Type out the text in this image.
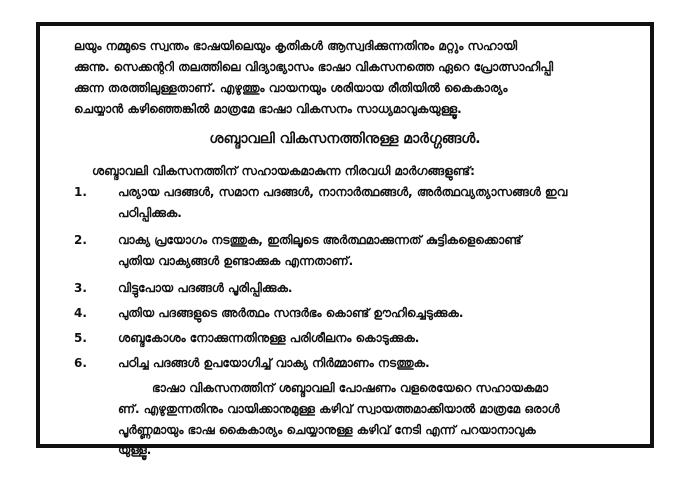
ലയും നമ്മുടെ സ്വന്തം ഭാഷയിലെയും കൃതികൾ ആസ്വദിക്കുന്നതിനും മറ്റും സഹായി
ക്കുന്നു. സെക്കന്ററി തലത്തിലെ വിദ്യാഭ്യാസം ഭാഷാ വികസനത്തെ ഏറെ പ്രോത്സാഹിപ്പി
ക്കുന്ന തരത്തിലുള്ളതാണ്. എഴുത്തും വായനയും ശരിയായ രീതിയിൽ കൈകാര്യം
ചെയ്യാൻ കഴിഞ്ഞെങ്കിൽ മാത്രമേ ഭാഷാ വികസനം സാധ്യമാവുകയുള്ളൂ.
ശബ്ദാവലി വികസനത്തിനുള്ള മാർഗ്ഗങ്ങൾ.
ശബ്ദാവലി വികസനത്തിന് സഹായകമാകുന്ന നിരവധി മാർഗങ്ങളുണ്ട്:
1.	പര്യായ പദങ്ങൾ, സമാന പദങ്ങൾ, നാനാർത്ഥങ്ങൾ, അർത്ഥവ്യത്യാസങ്ങൾ ഇവ
പഠിപ്പിക്കുക.
2.	വാക്യ പ്രയോഗം നടത്തുക, ഇതിലൂടെ അർത്ഥമാക്കുന്നത് കുട്ടികളെക്കൊണ്ട്
പുതിയ വാക്യങ്ങൾ ഉണ്ടാക്കുക എന്നതാണ്.
3.	വിട്ടുപോയ പദങ്ങൾ പൂരിപ്പിക്കുക.
4.	പുതിയ പദങ്ങളുടെ അർത്ഥം സന്ദർഭം കൊണ്ട് ഊഹിച്ചെടുക്കുക.
5.	ശബ്ദകോശം നോക്കുന്നതിനുള്ള പരിശീലനം കൊടുക്കുക.
6.	പഠിച്ച പദങ്ങൾ ഉപയോഗിച്ച് വാക്യ നിർമ്മാണം നടത്തുക.
ഭാഷാ വികസനത്തിന് ശബ്ദാവലി പോഷണം വളരെയേറെ സഹായകമാ
ണ്. എഴുതുന്നതിനും വായിക്കാനുമുള്ള കഴിവ് സ്വായത്തമാക്കിയാൽ മാത്രമേ ഒരാൾ
പൂർണ്ണമായും ഭാഷ കൈകാര്യം ചെയ്യാനുള്ള കഴിവ് നേടി എന്ന് പറയാനാവുക
യുള്ളൂ.
